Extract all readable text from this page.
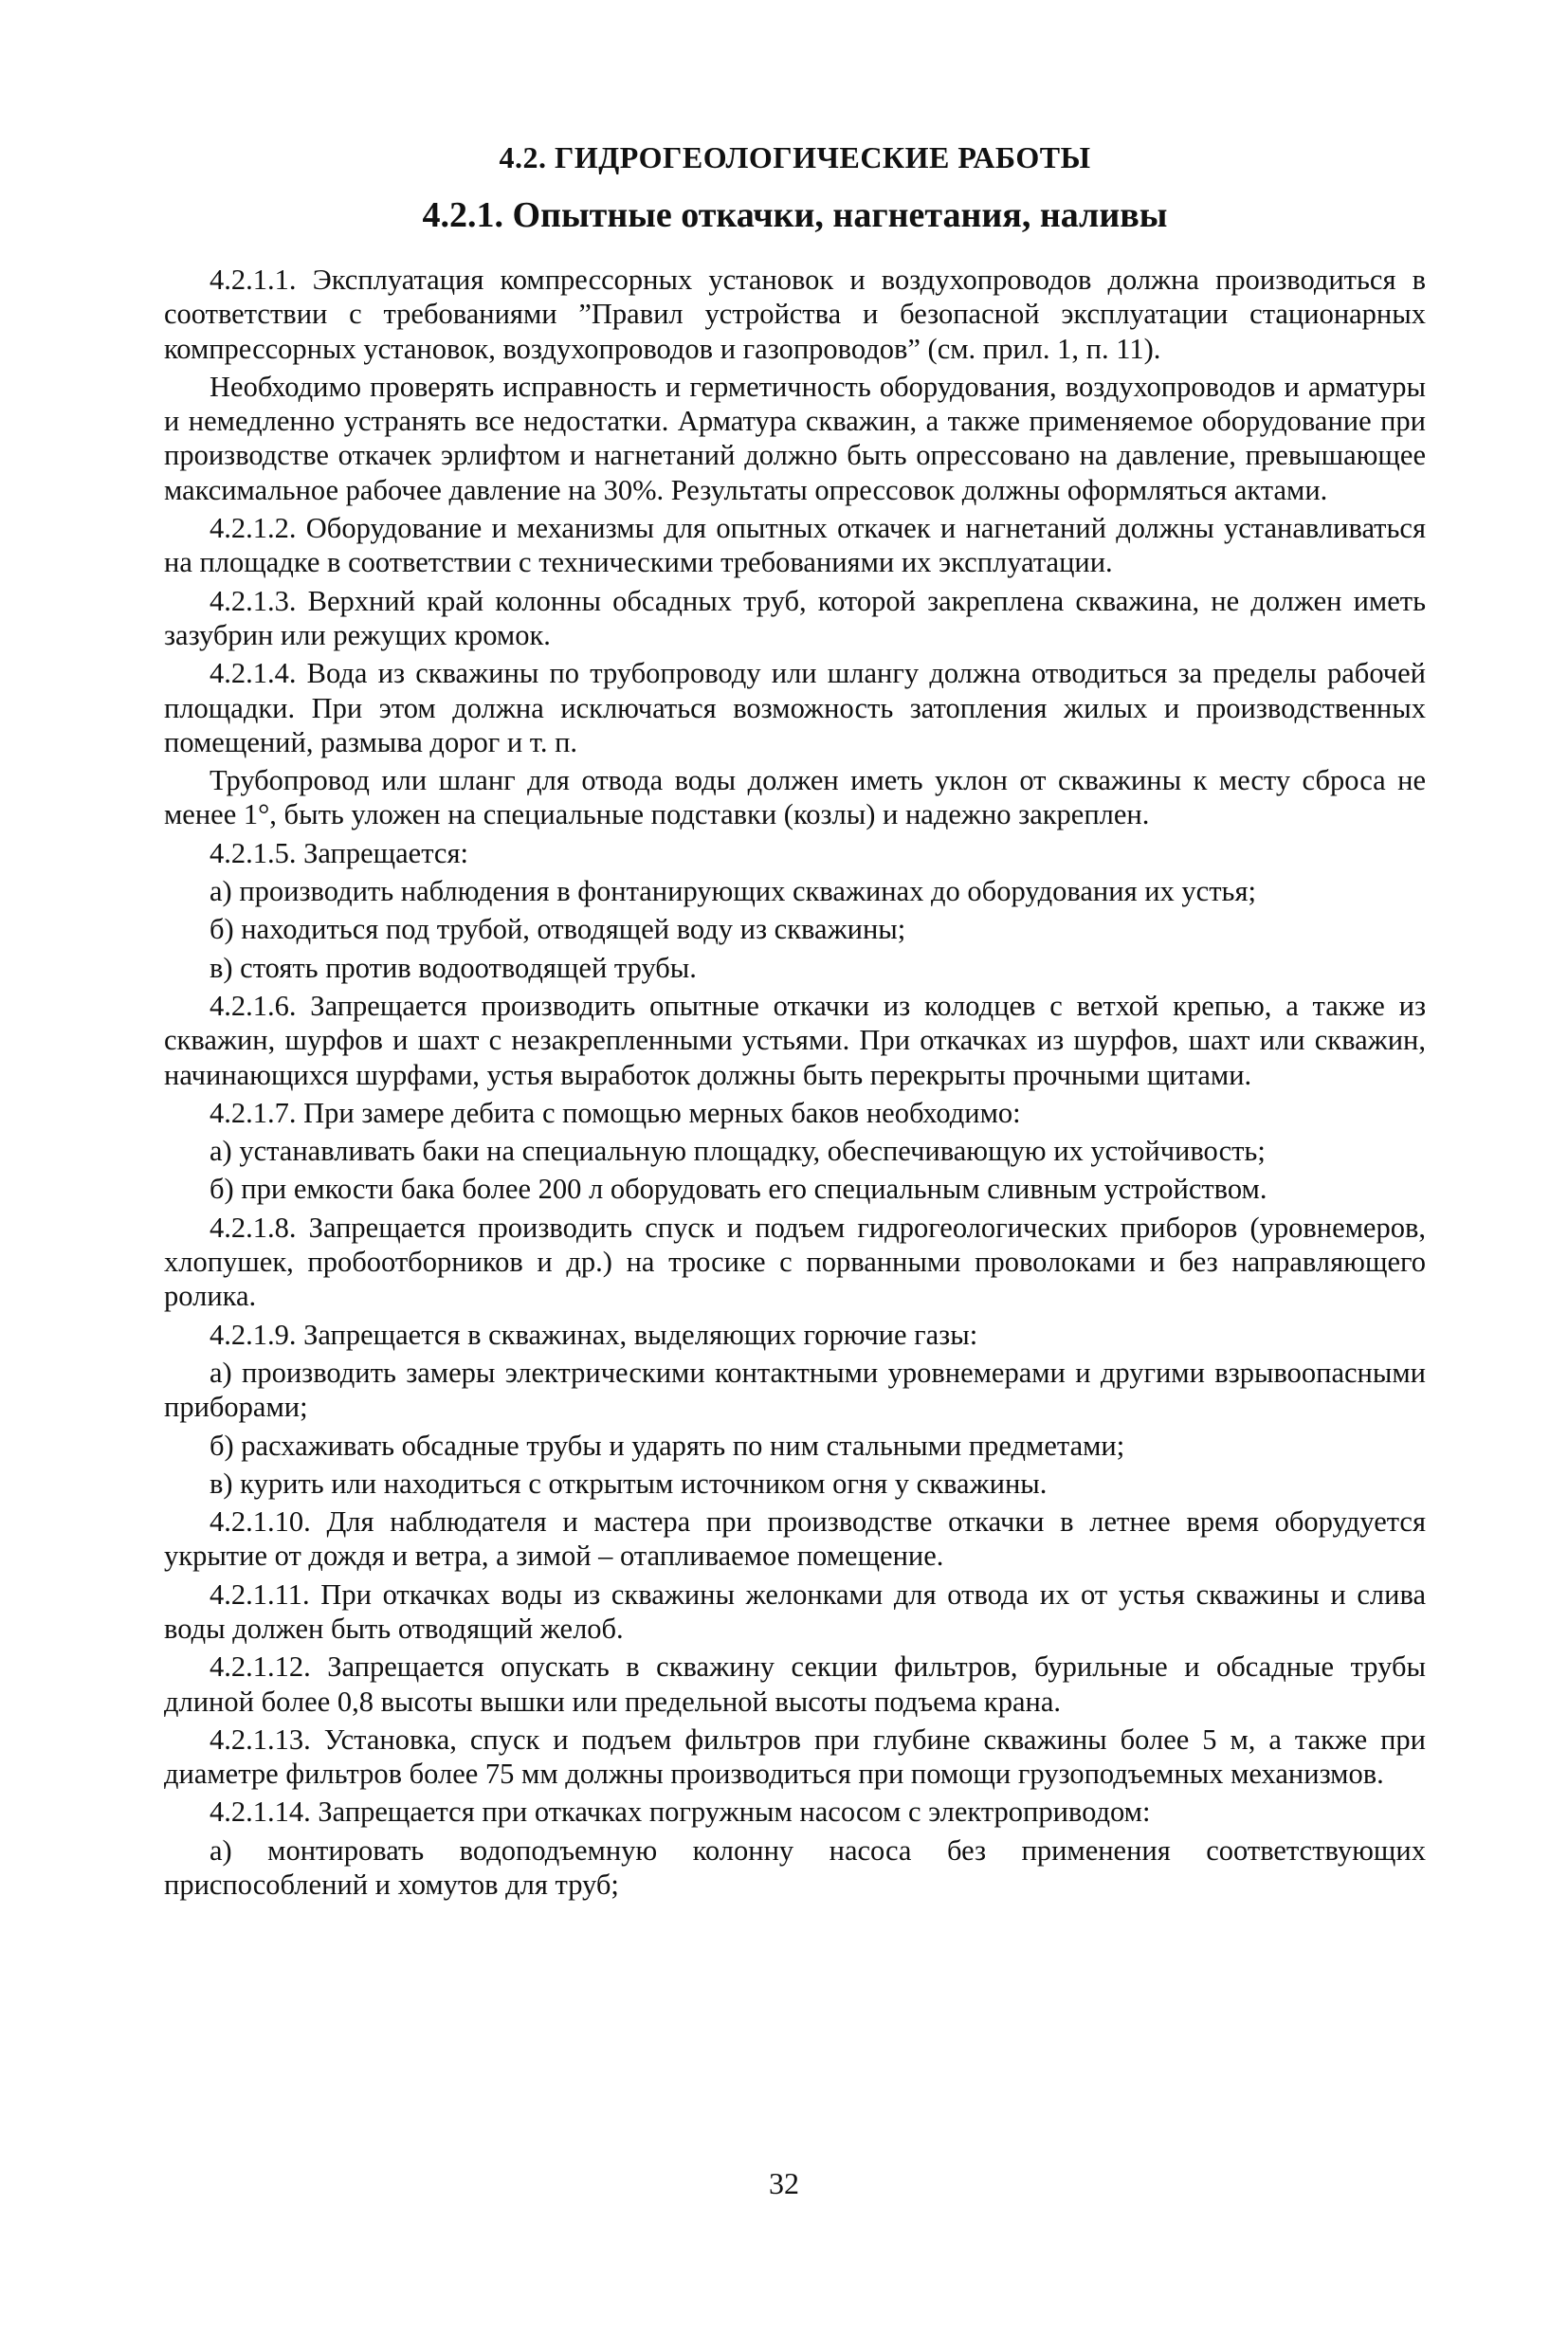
4.2. ГИДРОГЕОЛОГИЧЕСКИЕ РАБОТЫ
4.2.1. Опытные откачки, нагнетания, наливы

4.2.1.1. Эксплуатация компрессорных установок и воздухопроводов должна производиться в соответствии с требованиями ”Правил устройства и безопасной эксплуатации стационарных компрессорных установок, воздухопроводов и газопроводов” (см. прил. 1, п. 11).

Необходимо проверять исправность и герметичность оборудования, воздухопроводов и арматуры и немедленно устранять все недостатки. Арматура скважин, а также применяемое оборудование при производстве откачек эрлифтом и нагнетаний должно быть опрессовано на давление, превышающее максимальное рабочее давление на 30%. Результаты опрессовок должны оформляться актами.

4.2.1.2. Оборудование и механизмы для опытных откачек и нагнетаний должны устанавливаться на площадке в соответствии с техническими требованиями их эксплуатации.

4.2.1.3. Верхний край колонны обсадных труб, которой закреплена скважина, не должен иметь зазубрин или режущих кромок.

4.2.1.4. Вода из скважины по трубопроводу или шлангу должна отводиться за пределы рабочей площадки. При этом должна исключаться возможность затопления жилых и производственных помещений, размыва дорог и т. п.

Трубопровод или шланг для отвода воды должен иметь уклон от скважины к месту сброса не менее 1°, быть уложен на специальные подставки (козлы) и надежно закреплен.

4.2.1.5. Запрещается:

а) производить наблюдения в фонтанирующих скважинах до оборудования их устья;

б) находиться под трубой, отводящей воду из скважины;

в) стоять против водоотводящей трубы.

4.2.1.6. Запрещается производить опытные откачки из колодцев с ветхой крепью, а также из скважин, шурфов и шахт с незакрепленными устьями. При откачках из шурфов, шахт или скважин, начинающихся шурфами, устья выработок должны быть перекрыты прочными щитами.

4.2.1.7. При замере дебита с помощью мерных баков необходимо:

а) устанавливать баки на специальную площадку, обеспечивающую их устойчивость;

б) при емкости бака более 200 л оборудовать его специальным сливным устройством.

4.2.1.8. Запрещается производить спуск и подъем гидрогеологических приборов (уровнемеров, хлопушек, пробоотборников и др.) на тросике с порванными проволоками и без направляющего ролика.

4.2.1.9. Запрещается в скважинах, выделяющих горючие газы:

а) производить замеры электрическими контактными уровнемерами и другими взрывоопасными приборами;

б) расхаживать обсадные трубы и ударять по ним стальными предметами;

в) курить или находиться с открытым источником огня у скважины.

4.2.1.10. Для наблюдателя и мастера при производстве откачки в летнее время оборудуется укрытие от дождя и ветра, а зимой – отапливаемое помещение.

4.2.1.11. При откачках воды из скважины желонками для отвода их от устья скважины и слива воды должен быть отводящий желоб.

4.2.1.12. Запрещается опускать в скважину секции фильтров, бурильные и обсадные трубы длиной более 0,8 высоты вышки или предельной высоты подъема крана.

4.2.1.13. Установка, спуск и подъем фильтров при глубине скважины более 5 м, а также при диаметре фильтров более 75 мм должны производиться при помощи грузоподъемных механизмов.

4.2.1.14. Запрещается при откачках погружным насосом с электроприводом:

а) монтировать водоподъемную колонну насоса без применения соответствующих приспособлений и хомутов для труб;

32
